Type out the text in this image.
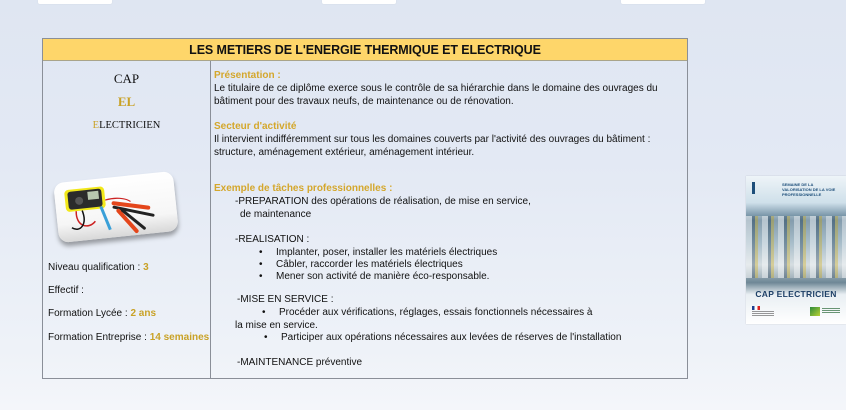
LES METIERS DE L'ENERGIE THERMIQUE ET ELECTRIQUE
CAP
EL
ELECTRICIEN
Niveau qualification : 3
Effectif :
Formation Lycée : 2 ans
Formation Entreprise : 14 semaines
Présentation :
Le titulaire de ce diplôme exerce sous le contrôle de sa hiérarchie dans le domaine des ouvrages du bâtiment pour des travaux neufs, de maintenance ou de rénovation.
Secteur d'activité
Il intervient indifféremment sur tous les domaines couverts par l'activité des ouvrages du bâtiment : structure, aménagement extérieur, aménagement intérieur.
Exemple de tâches professionnelles :
-PREPARATION des opérations de réalisation, de mise en service,
de maintenance
-REALISATION :
• Implanter, poser, installer les matériels électriques
• Câbler, raccorder les matériels électriques
• Mener son activité de manière éco-responsable.
-MISE EN SERVICE :
• Procéder aux vérifications, réglages, essais fonctionnels nécessaires à
la mise en service.
• Participer aux opérations nécessaires aux levées de réserves de l'installation
-MAINTENANCE préventive
SEMAINE DE LA VALORISATION DE LA VOIE PROFESSIONNELLE
CAP ELECTRICIEN
